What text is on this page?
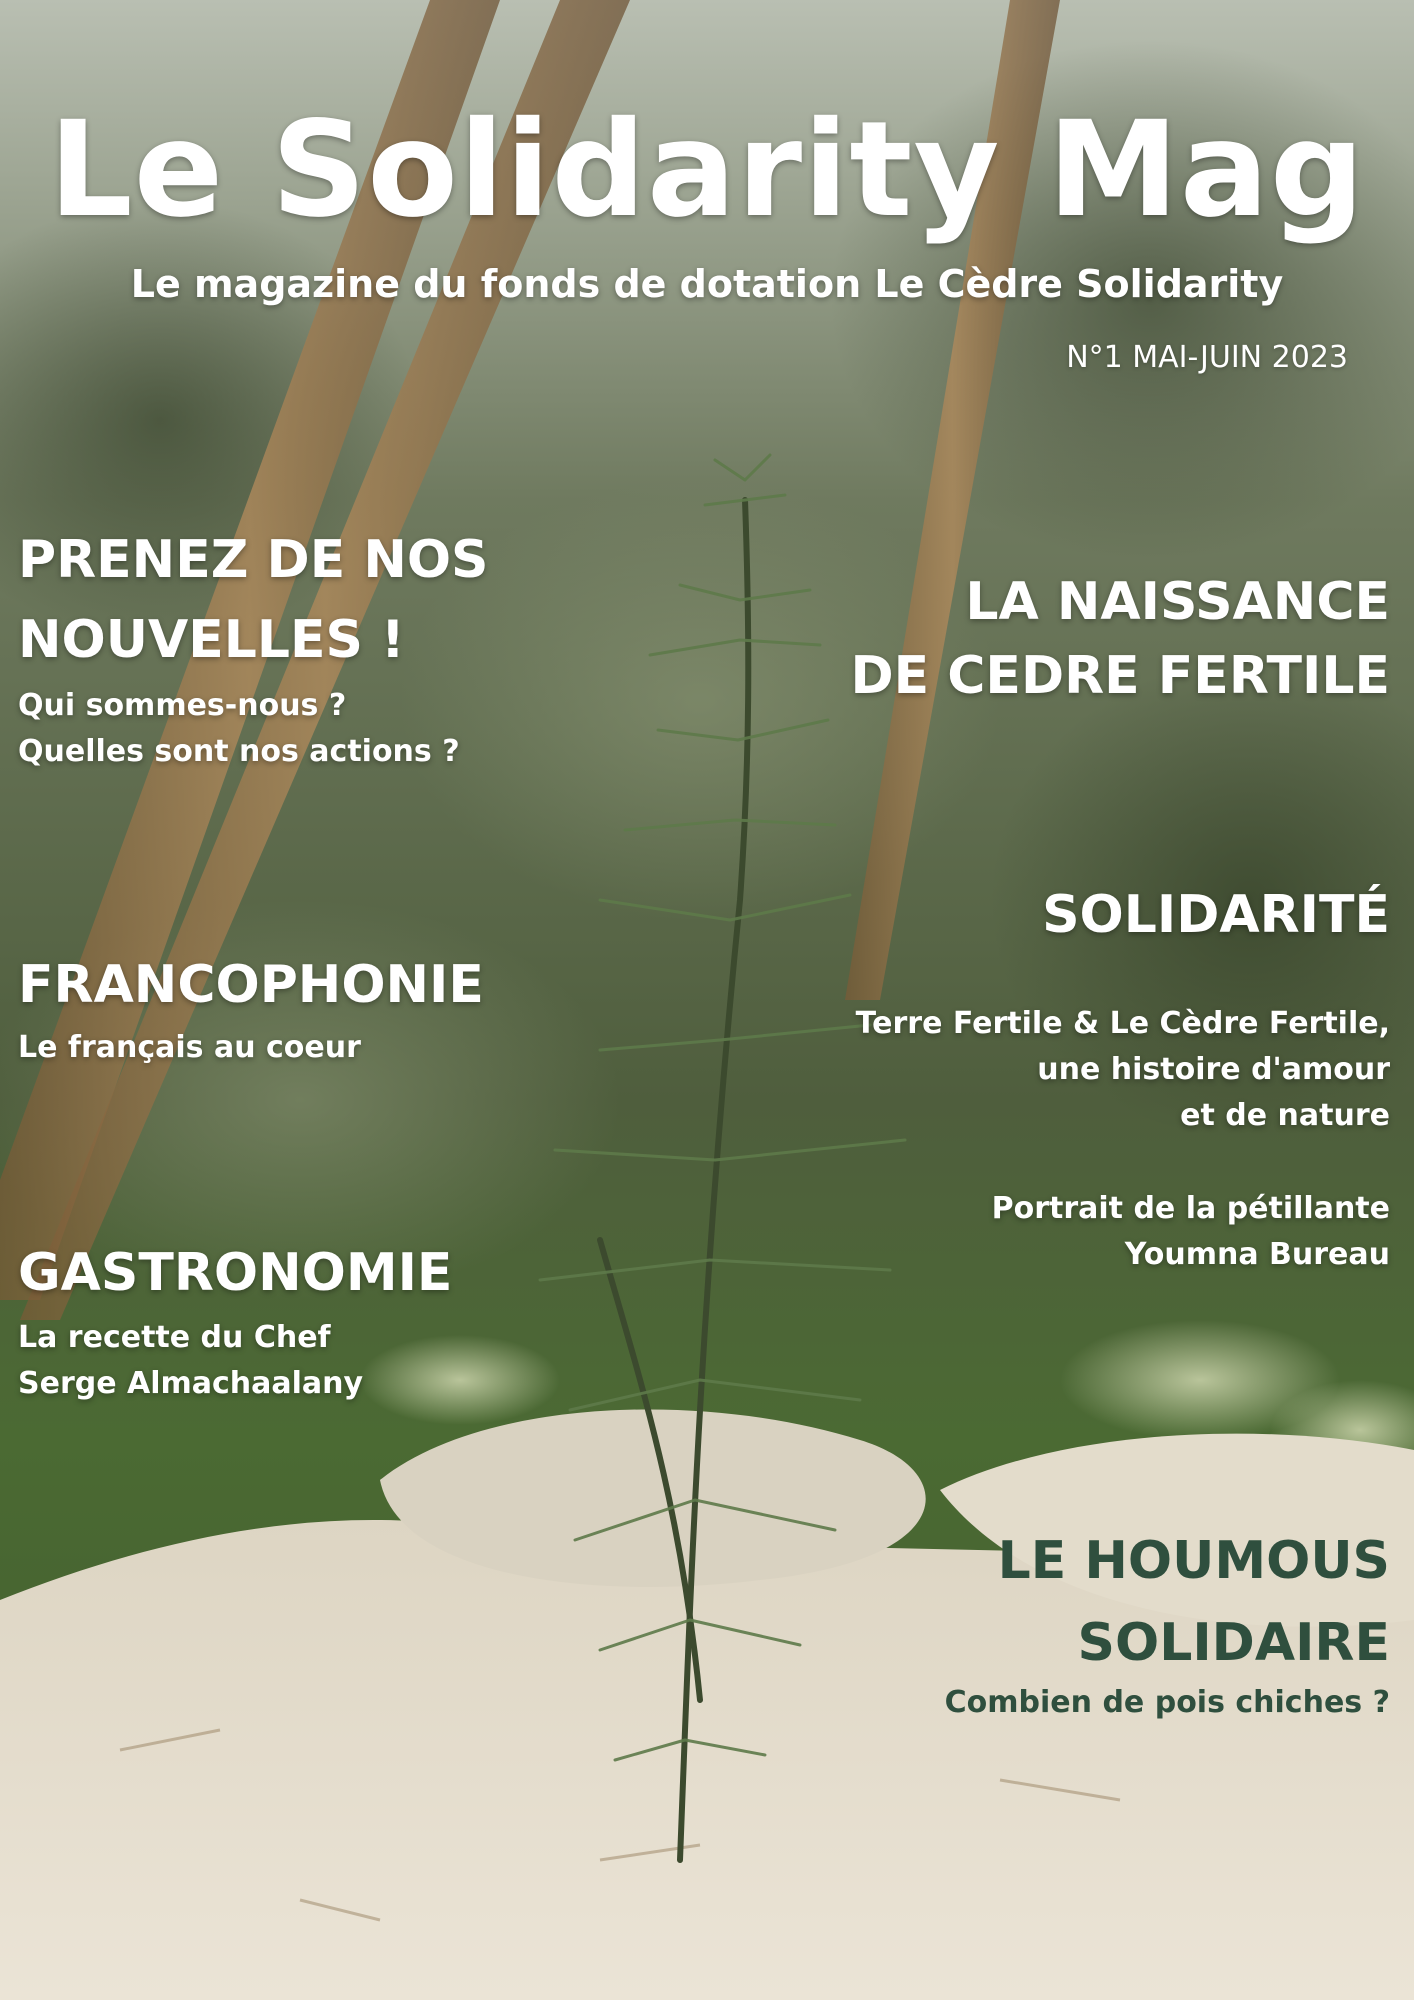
Le Solidarity Mag
Le magazine du fonds de dotation Le Cèdre Solidarity
N°1 MAI-JUIN 2023
PRENEZ DE NOS
NOUVELLES !
Qui sommes-nous ?
Quelles sont nos actions ?
FRANCOPHONIE
Le français au coeur
GASTRONOMIE
La recette du Chef
Serge Almachaalany
LA NAISSANCE
DE CEDRE FERTILE
SOLIDARITÉ
Terre Fertile & Le Cèdre Fertile,
une histoire d'amour
et de nature
Portrait de la pétillante
Youmna Bureau
LE HOUMOUS
SOLIDAIRE
Combien de pois chiches ?
